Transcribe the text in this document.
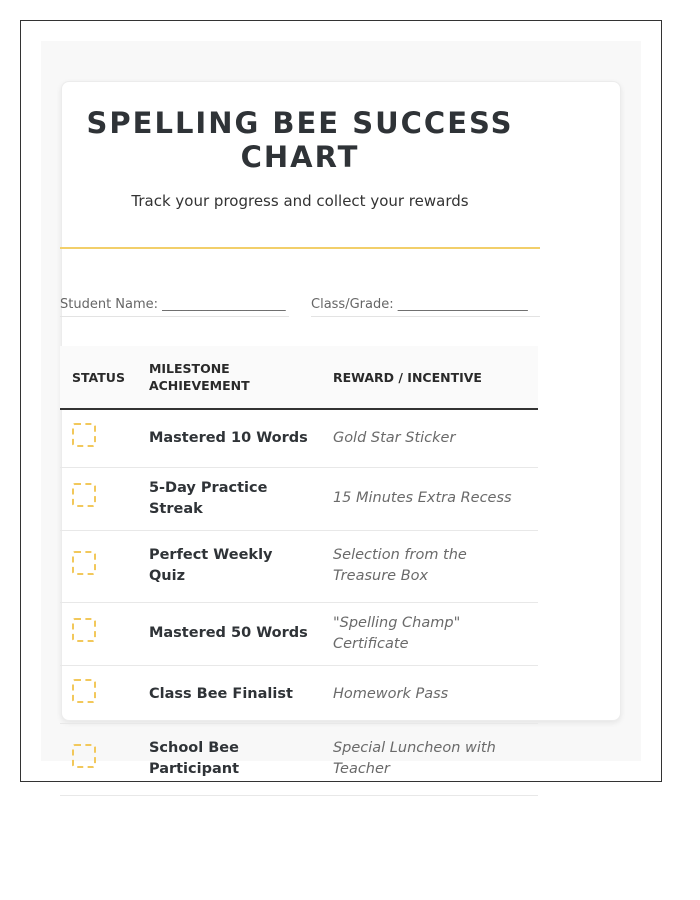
SPELLING BEE SUCCESS CHART
Track your progress and collect your rewards
Student Name: ___________________ Class/Grade: ____________________
STATUS	MILESTONE ACHIEVEMENT	REWARD / INCENTIVE
	Mastered 10 Words	Gold Star Sticker
	5-Day Practice Streak	15 Minutes Extra Recess
	Perfect Weekly Quiz	Selection from the Treasure Box
	Mastered 50 Words	"Spelling Champ" Certificate
	Class Bee Finalist	Homework Pass
	School Bee Participant	Special Luncheon with Teacher
